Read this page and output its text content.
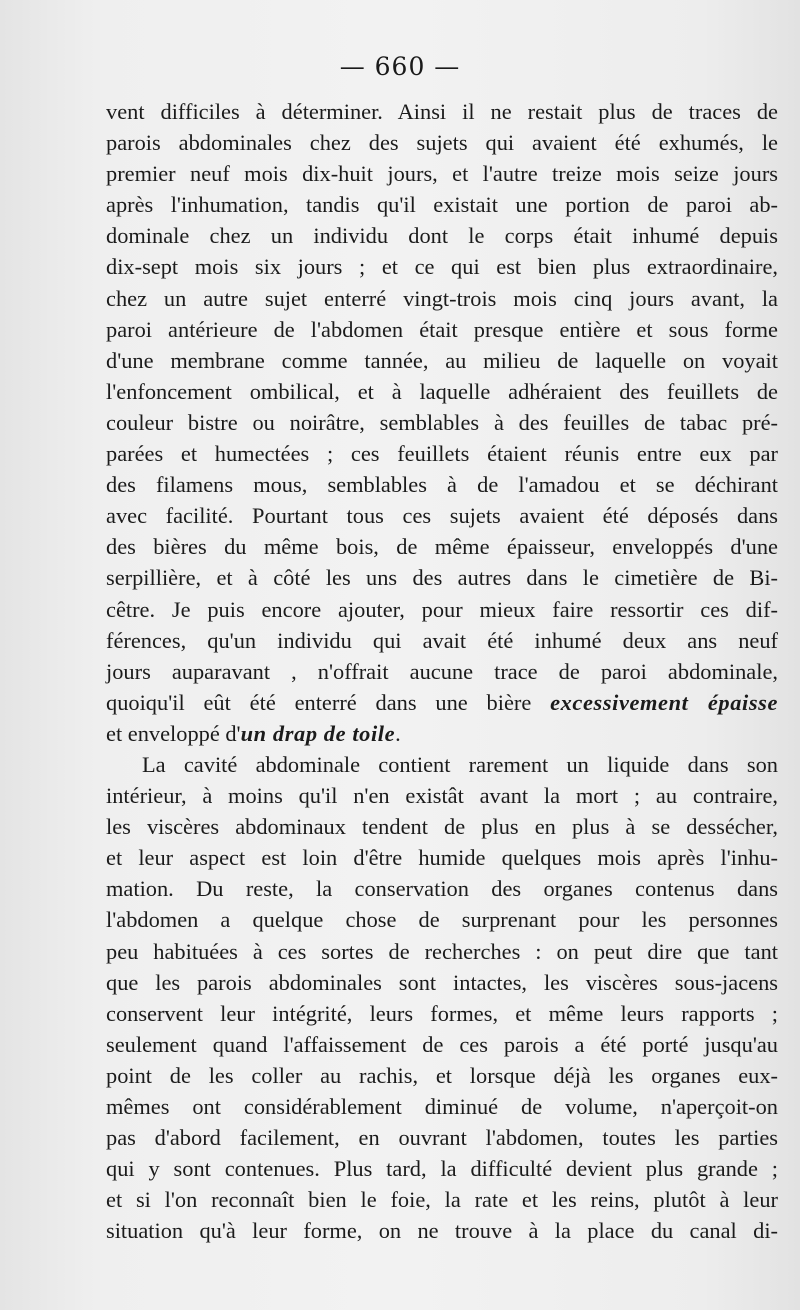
— 660 —
vent difficiles à déterminer. Ainsi il ne restait plus de traces de
parois abdominales chez des sujets qui avaient été exhumés, le
premier neuf mois dix-huit jours, et l'autre treize mois seize jours
après l'inhumation, tandis qu'il existait une portion de paroi ab-
dominale chez un individu dont le corps était inhumé depuis
dix-sept mois six jours ; et ce qui est bien plus extraordinaire,
chez un autre sujet enterré vingt-trois mois cinq jours avant, la
paroi antérieure de l'abdomen était presque entière et sous forme
d'une membrane comme tannée, au milieu de laquelle on voyait
l'enfoncement ombilical, et à laquelle adhéraient des feuillets de
couleur bistre ou noirâtre, semblables à des feuilles de tabac pré-
parées et humectées ; ces feuillets étaient réunis entre eux par
des filamens mous, semblables à de l'amadou et se déchirant
avec facilité. Pourtant tous ces sujets avaient été déposés dans
des bières du même bois, de même épaisseur, enveloppés d'une
serpillière, et à côté les uns des autres dans le cimetière de Bi-
cêtre. Je puis encore ajouter, pour mieux faire ressortir ces dif-
férences, qu'un individu qui avait été inhumé deux ans neuf
jours auparavant , n'offrait aucune trace de paroi abdominale,
quoiqu'il eût été enterré dans une bière excessivement épaisse
et enveloppé d'un drap de toile.
La cavité abdominale contient rarement un liquide dans son
intérieur, à moins qu'il n'en existât avant la mort ; au contraire,
les viscères abdominaux tendent de plus en plus à se dessécher,
et leur aspect est loin d'être humide quelques mois après l'inhu-
mation. Du reste, la conservation des organes contenus dans
l'abdomen a quelque chose de surprenant pour les personnes
peu habituées à ces sortes de recherches : on peut dire que tant
que les parois abdominales sont intactes, les viscères sous-jacens
conservent leur intégrité, leurs formes, et même leurs rapports ;
seulement quand l'affaissement de ces parois a été porté jusqu'au
point de les coller au rachis, et lorsque déjà les organes eux-
mêmes ont considérablement diminué de volume, n'aperçoit-on
pas d'abord facilement, en ouvrant l'abdomen, toutes les parties
qui y sont contenues. Plus tard, la difficulté devient plus grande ;
et si l'on reconnaît bien le foie, la rate et les reins, plutôt à leur
situation qu'à leur forme, on ne trouve à la place du canal di-
